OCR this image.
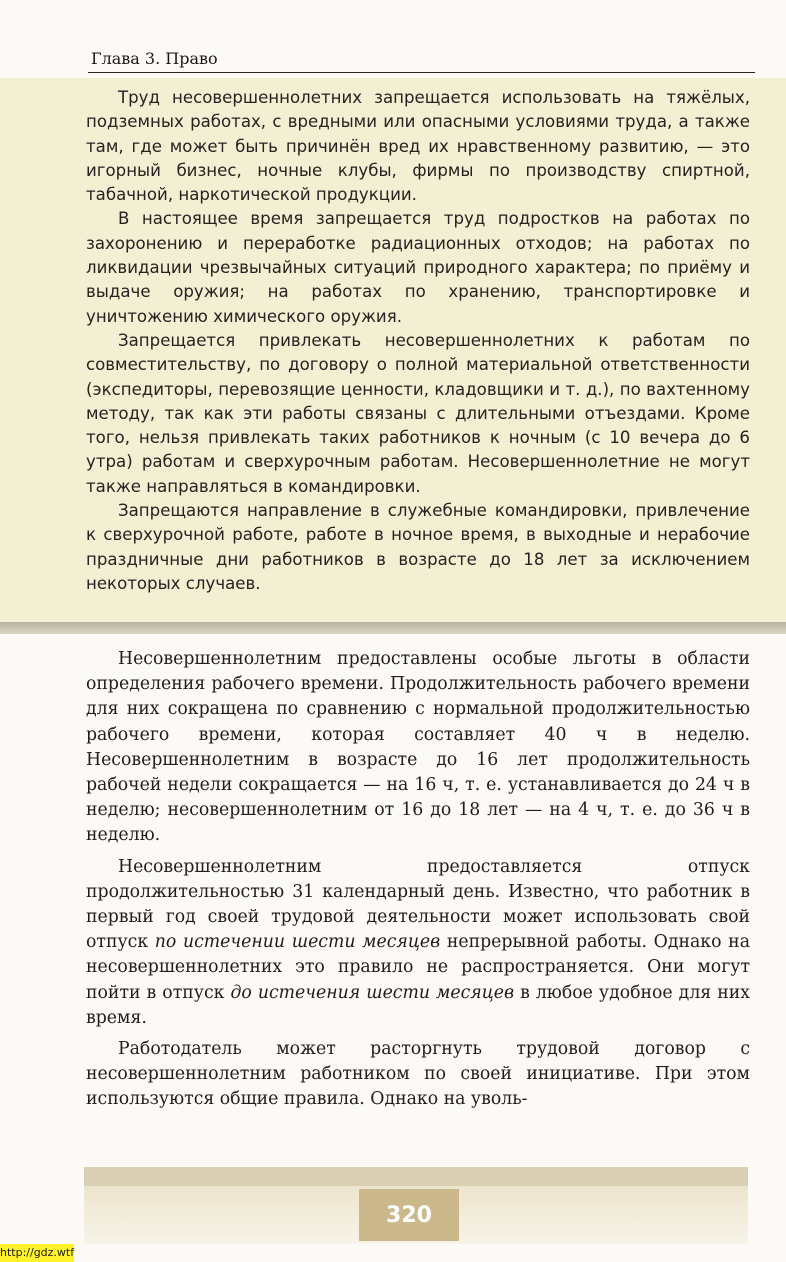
Глава 3. Право

Труд несовершеннолетних запрещается использовать на тяжёлых, подземных работах, с вредными или опасными условиями труда, а также там, где может быть причинён вред их нравственному развитию, — это игорный бизнес, ночные клубы, фирмы по производству спиртной, табачной, наркотической продукции.

В настоящее время запрещается труд подростков на работах по захоронению и переработке радиационных отходов; на работах по ликвидации чрезвычайных ситуаций природного характера; по приёму и выдаче оружия; на работах по хранению, транспортировке и уничтожению химического оружия.

Запрещается привлекать несовершеннолетних к работам по совместительству, по договору о полной материальной ответственности (экспедиторы, перевозящие ценности, кладовщики и т. д.), по вахтенному методу, так как эти работы связаны с длительными отъездами. Кроме того, нельзя привлекать таких работников к ночным (с 10 вечера до 6 утра) работам и сверхурочным работам. Несовершеннолетние не могут также направляться в командировки.

Запрещаются направление в служебные командировки, привлечение к сверхурочной работе, работе в ночное время, в выходные и нерабочие праздничные дни работников в возрасте до 18 лет за исключением некоторых случаев.

Несовершеннолетним предоставлены особые льготы в области определения рабочего времени. Продолжительность рабочего времени для них сокращена по сравнению с нормальной продолжительностью рабочего времени, которая составляет 40 ч в неделю. Несовершеннолетним в возрасте до 16 лет продолжительность рабочей недели сокращается — на 16 ч, т. е. устанавливается до 24 ч в неделю; несовершеннолетним от 16 до 18 лет — на 4 ч, т. е. до 36 ч в неделю.

Несовершеннолетним предоставляется отпуск продолжительностью 31 календарный день. Известно, что работник в первый год своей трудовой деятельности может использовать свой отпуск по истечении шести месяцев непрерывной работы. Однако на несовершеннолетних это правило не распространяется. Они могут пойти в отпуск до истечения шести месяцев в любое удобное для них время.

Работодатель может расторгнуть трудовой договор с несовершеннолетним работником по своей инициативе. При этом используются общие правила. Однако на уволь-

320
http://gdz.wtf
